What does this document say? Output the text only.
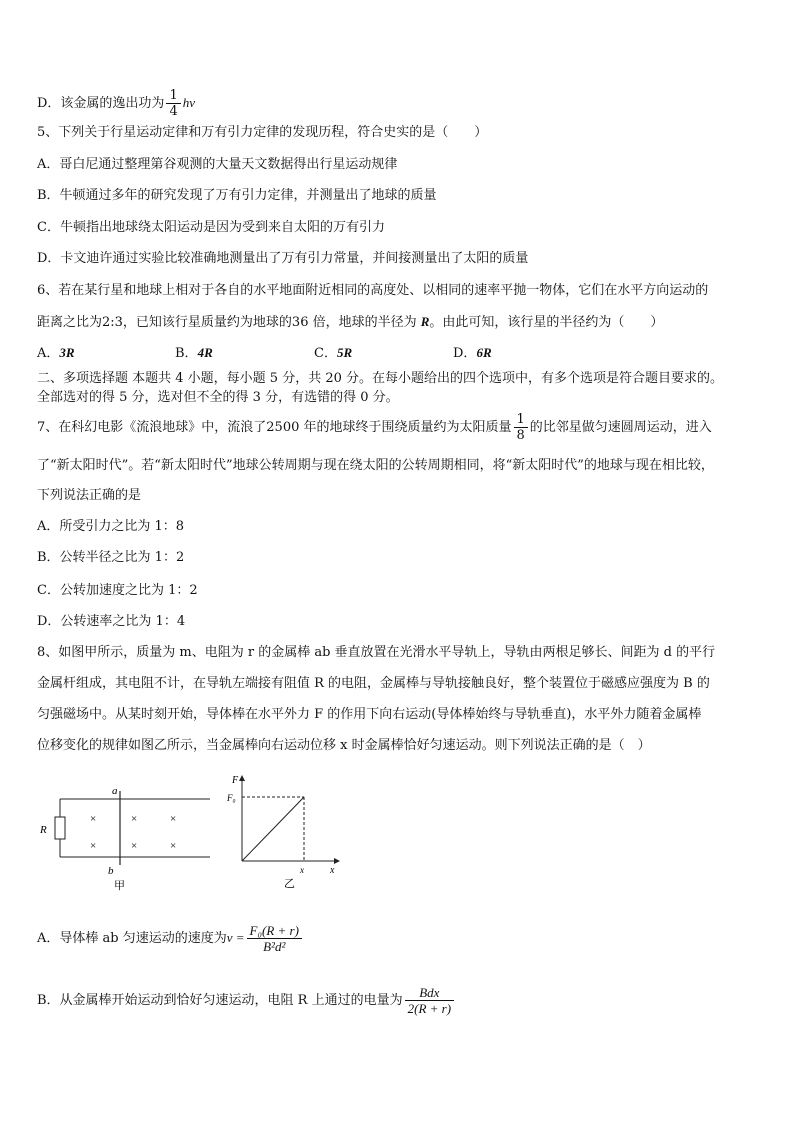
D．该金属的逸出功为 $\frac{1}{4}$ hν
5、下列关于行星运动定律和万有引力定律的发现历程，符合史实的是（　　）
A．哥白尼通过整理第谷观测的大量天文数据得出行星运动规律
B．牛顿通过多年的研究发现了万有引力定律，并测量出了地球的质量
C．牛顿指出地球绕太阳运动是因为受到来自太阳的万有引力
D．卡文迪许通过实验比较准确地测量出了万有引力常量，并间接测量出了太阳的质量
6、若在某行星和地球上相对于各自的水平地面附近相同的高度处、以相同的速率平抛一物体，它们在水平方向运动的
距离之比为2:3，已知该行星质量约为地球的36 倍，地球的半径为 R。由此可知，该行星的半径约为（　　）
A．3R	B．4R	C．5R	D．6R
二、多项选择题 本题共 4 小题，每小题 5 分，共 20 分。在每小题给出的四个选项中，有多个选项是符合题目要求的。
全部选对的得 5 分，选对但不全的得 3 分，有选错的得 0 分。
7、在科幻电影《流浪地球》中，流浪了2500 年的地球终于围绕质量约为太阳质量 $\frac{1}{8}$ 的比邻星做匀速圆周运动，进入
了“新太阳时代”。若“新太阳时代”地球公转周期与现在绕太阳的公转周期相同，将“新太阳时代”的地球与现在相比较，
下列说法正确的是
A．所受引力之比为 1：8
B．公转半径之比为 1：2
C．公转加速度之比为 1：2
D．公转速率之比为 1：4
8、如图甲所示，质量为 m、电阻为 r 的金属棒 ab 垂直放置在光滑水平导轨上，导轨由两根足够长、间距为 d 的平行
金属杆组成，其电阻不计，在导轨左端接有阻值 R 的电阻，金属棒与导轨接触良好，整个装置位于磁感应强度为 B 的
匀强磁场中。从某时刻开始，导体棒在水平外力 F 的作用下向右运动(导体棒始终与导轨垂直)，水平外力随着金属棒
位移变化的规律如图乙所示，当金属棒向右运动位移 x 时金属棒恰好匀速运动。则下列说法正确的是（　）
R
a
b
×	×	×
×	×	×
甲
F
F₀
x	x
乙
A．导体棒 ab 匀速运动的速度为$v = \frac{\text{F₀(R + r)}}{\text{B²d²}}$
B．从金属棒开始运动到恰好匀速运动，电阻 R 上通过的电量为 $\frac{\text{Bdx}}{2(R + r)}$
